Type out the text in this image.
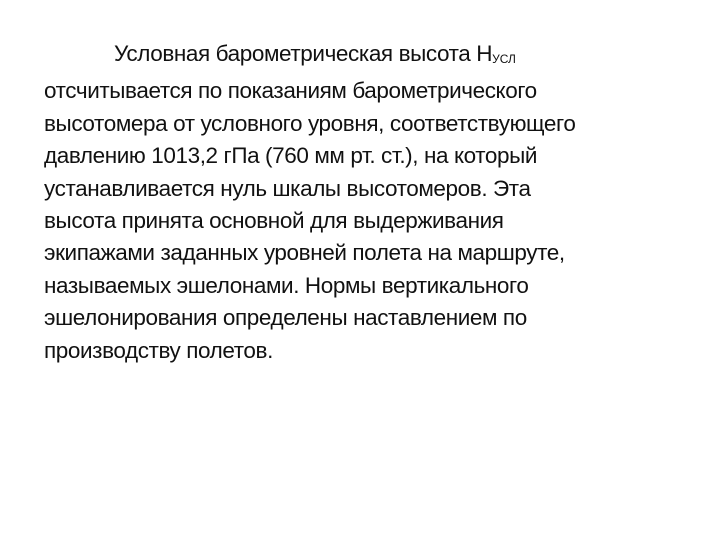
Условная барометрическая высота НУСЛ
отсчитывается по показаниям барометрического
высотомера от условного уровня, соответствующего
давлению 1013,2 гПа (760 мм рт. ст.), на который
устанавливается нуль шкалы высотомеров. Эта
высота принята основной для выдерживания
экипажами заданных уровней полета на маршруте,
называемых эшелонами. Нормы вертикального
эшелонирования определены наставлением по
производству полетов.
